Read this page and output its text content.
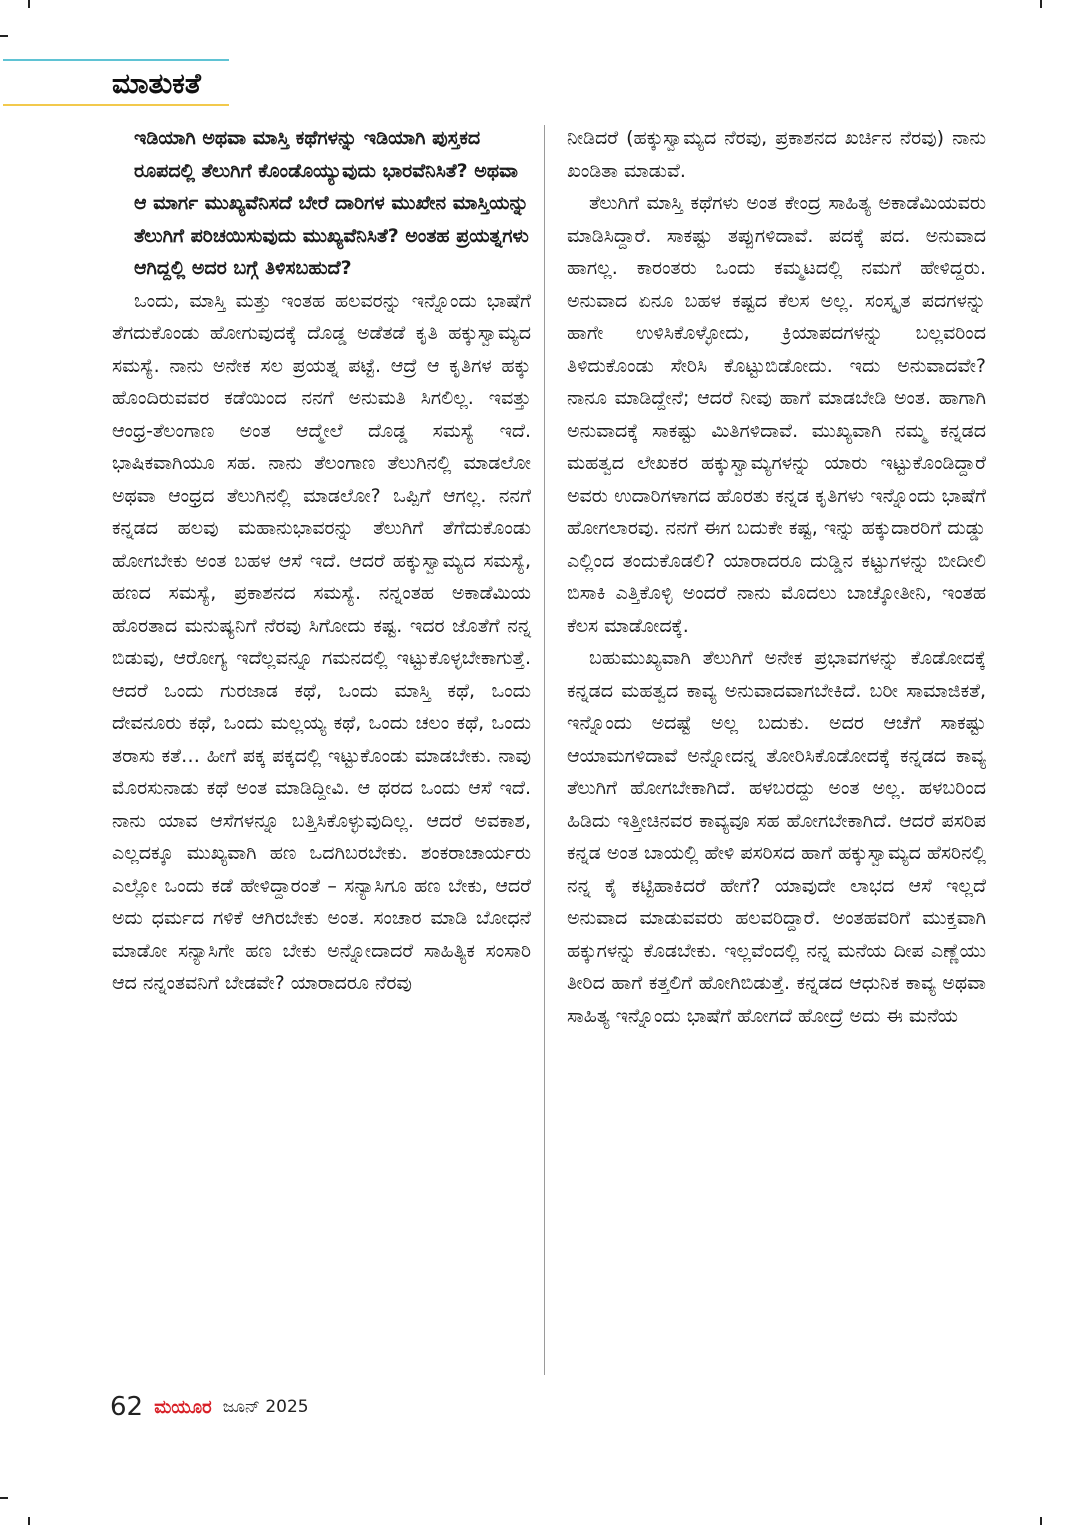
ಮಾತುಕತೆ

ಇಡಿಯಾಗಿ ಅಥವಾ ಮಾಸ್ತಿ ಕಥೆಗಳನ್ನು ಇಡಿಯಾಗಿ ಪುಸ್ತಕದ ರೂಪದಲ್ಲಿ ತೆಲುಗಿಗೆ ಕೊಂಡೊಯ್ಯುವುದು ಭಾರವೆನಿಸಿತೆ? ಅಥವಾ ಆ ಮಾರ್ಗ ಮುಖ್ಯವೆನಿಸದೆ ಬೇರೆ ದಾರಿಗಳ ಮುಖೇನ ಮಾಸ್ತಿಯನ್ನು ತೆಲುಗಿಗೆ ಪರಿಚಯಿಸುವುದು ಮುಖ್ಯವೆನಿಸಿತೆ? ಅಂತಹ ಪ್ರಯತ್ನಗಳು ಆಗಿದ್ದಲ್ಲಿ ಅದರ ಬಗ್ಗೆ ತಿಳಿಸಬಹುದೆ?

ಒಂದು, ಮಾಸ್ತಿ ಮತ್ತು ಇಂತಹ ಹಲವರನ್ನು ಇನ್ನೊಂದು ಭಾಷೆಗೆ ತೆಗದುಕೊಂಡು ಹೋಗುವುದಕ್ಕೆ ದೊಡ್ಡ ಅಡೆತಡೆ ಕೃತಿ ಹಕ್ಕುಸ್ವಾಮ್ಯದ ಸಮಸ್ಯೆ. ನಾನು ಅನೇಕ ಸಲ ಪ್ರಯತ್ನ ಪಟ್ಟೆ. ಆದ್ರೆ ಆ ಕೃತಿಗಳ ಹಕ್ಕು ಹೊಂದಿರುವವರ ಕಡೆಯಿಂದ ನನಗೆ ಅನುಮತಿ ಸಿಗಲಿಲ್ಲ. ಇವತ್ತು ಆಂಧ್ರ-ತೆಲಂಗಾಣ ಅಂತ ಆದ್ಮೇಲೆ ದೊಡ್ಡ ಸಮಸ್ಯೆ ಇದೆ. ಭಾಷಿಕವಾಗಿಯೂ ಸಹ. ನಾನು ತೆಲಂಗಾಣ ತೆಲುಗಿನಲ್ಲಿ ಮಾಡಲೋ ಅಥವಾ ಆಂಧ್ರದ ತೆಲುಗಿನಲ್ಲಿ ಮಾಡಲೋ? ಒಪ್ಪಿಗೆ ಆಗಲ್ಲ. ನನಗೆ ಕನ್ನಡದ ಹಲವು ಮಹಾನುಭಾವರನ್ನು ತೆಲುಗಿಗೆ ತೆಗೆದುಕೊಂಡು ಹೋಗಬೇಕು ಅಂತ ಬಹಳ ಆಸೆ ಇದೆ. ಆದರೆ ಹಕ್ಕುಸ್ವಾಮ್ಯದ ಸಮಸ್ಯೆ, ಹಣದ ಸಮಸ್ಯೆ, ಪ್ರಕಾಶನದ ಸಮಸ್ಯೆ. ನನ್ನಂತಹ ಅಕಾಡೆಮಿಯ ಹೊರತಾದ ಮನುಷ್ಯನಿಗೆ ನೆರವು ಸಿಗೋದು ಕಷ್ಟ. ಇದರ ಜೊತೆಗೆ ನನ್ನ ಬಿಡುವು, ಆರೋಗ್ಯ ಇದೆಲ್ಲವನ್ನೂ ಗಮನದಲ್ಲಿ ಇಟ್ಟುಕೊಳ್ಳಬೇಕಾಗುತ್ತೆ. ಆದರೆ ಒಂದು ಗುರಜಾಡ ಕಥೆ, ಒಂದು ಮಾಸ್ತಿ ಕಥೆ, ಒಂದು ದೇವನೂರು ಕಥೆ, ಒಂದು ಮಲ್ಲಯ್ಯ ಕಥೆ, ಒಂದು ಚಲಂ ಕಥೆ, ಒಂದು ತರಾಸು ಕತೆ… ಹೀಗೆ ಪಕ್ಕ ಪಕ್ಕದಲ್ಲಿ ಇಟ್ಟುಕೊಂಡು ಮಾಡಬೇಕು. ನಾವು ಮೊರಸುನಾಡು ಕಥೆ ಅಂತ ಮಾಡಿದ್ದೀವಿ. ಆ ಥರದ ಒಂದು ಆಸೆ ಇದೆ. ನಾನು ಯಾವ ಆಸೆಗಳನ್ನೂ ಬತ್ತಿಸಿಕೊಳ್ಳುವುದಿಲ್ಲ. ಆದರೆ ಅವಕಾಶ, ಎಲ್ಲದಕ್ಕೂ ಮುಖ್ಯವಾಗಿ ಹಣ ಒದಗಿಬರಬೇಕು. ಶಂಕರಾಚಾರ್ಯರು ಎಲ್ಲೋ ಒಂದು ಕಡೆ ಹೇಳಿದ್ದಾರಂತೆ – ಸನ್ಯಾಸಿಗೂ ಹಣ ಬೇಕು, ಆದರೆ ಅದು ಧರ್ಮದ ಗಳಿಕೆ ಆಗಿರಬೇಕು ಅಂತ. ಸಂಚಾರ ಮಾಡಿ ಬೋಧನೆ ಮಾಡೋ ಸನ್ಯಾಸಿಗೇ ಹಣ ಬೇಕು ಅನ್ನೋದಾದರೆ ಸಾಹಿತ್ಯಿಕ ಸಂಸಾರಿ ಆದ ನನ್ನಂತವನಿಗೆ ಬೇಡವೇ? ಯಾರಾದರೂ ನೆರವು

ನೀಡಿದರೆ (ಹಕ್ಕುಸ್ವಾಮ್ಯದ ನೆರವು, ಪ್ರಕಾಶನದ ಖರ್ಚಿನ ನೆರವು) ನಾನು ಖಂಡಿತಾ ಮಾಡುವೆ.

ತೆಲುಗಿಗೆ ಮಾಸ್ತಿ ಕಥೆಗಳು ಅಂತ ಕೇಂದ್ರ ಸಾಹಿತ್ಯ ಅಕಾಡೆಮಿಯವರು ಮಾಡಿಸಿದ್ದಾರೆ. ಸಾಕಷ್ಟು ತಪ್ಪುಗಳಿದಾವೆ. ಪದಕ್ಕೆ ಪದ. ಅನುವಾದ ಹಾಗಲ್ಲ. ಕಾರಂತರು ಒಂದು ಕಮ್ಮಟದಲ್ಲಿ ನಮಗೆ ಹೇಳಿದ್ದರು. ಅನುವಾದ ಏನೂ ಬಹಳ ಕಷ್ಟದ ಕೆಲಸ ಅಲ್ಲ. ಸಂಸ್ಕೃತ ಪದಗಳನ್ನು ಹಾಗೇ ಉಳಿಸಿಕೊಳ್ಳೋದು, ಕ್ರಿಯಾಪದಗಳನ್ನು ಬಲ್ಲವರಿಂದ ತಿಳಿದುಕೊಂಡು ಸೇರಿಸಿ ಕೊಟ್ಟುಬಿಡೋದು. ಇದು ಅನುವಾದವೇ? ನಾನೂ ಮಾಡಿದ್ದೇನೆ; ಆದರೆ ನೀವು ಹಾಗೆ ಮಾಡಬೇಡಿ ಅಂತ. ಹಾಗಾಗಿ ಅನುವಾದಕ್ಕೆ ಸಾಕಷ್ಟು ಮಿತಿಗಳಿದಾವೆ. ಮುಖ್ಯವಾಗಿ ನಮ್ಮ ಕನ್ನಡದ ಮಹತ್ವದ ಲೇಖಕರ ಹಕ್ಕುಸ್ವಾಮ್ಯಗಳನ್ನು ಯಾರು ಇಟ್ಟುಕೊಂಡಿದ್ದಾರೆ ಅವರು ಉದಾರಿಗಳಾಗದ ಹೊರತು ಕನ್ನಡ ಕೃತಿಗಳು ಇನ್ನೊಂದು ಭಾಷೆಗೆ ಹೋಗಲಾರವು. ನನಗೆ ಈಗ ಬದುಕೇ ಕಷ್ಟ, ಇನ್ನು ಹಕ್ಕುದಾರರಿಗೆ ದುಡ್ಡು ಎಲ್ಲಿಂದ ತಂದುಕೊಡಲಿ? ಯಾರಾದರೂ ದುಡ್ಡಿನ ಕಟ್ಟುಗಳನ್ನು ಬೀದೀಲಿ ಬಿಸಾಕಿ ಎತ್ತಿಕೊಳ್ಳಿ ಅಂದರೆ ನಾನು ಮೊದಲು ಬಾಚ್ಕೋತೀನಿ, ಇಂತಹ ಕೆಲಸ ಮಾಡೋದಕ್ಕೆ.

ಬಹುಮುಖ್ಯವಾಗಿ ತೆಲುಗಿಗೆ ಅನೇಕ ಪ್ರಭಾವಗಳನ್ನು ಕೊಡೋದಕ್ಕೆ ಕನ್ನಡದ ಮಹತ್ವದ ಕಾವ್ಯ ಅನುವಾದವಾಗಬೇಕಿದೆ. ಬರೀ ಸಾಮಾಜಿಕತೆ, ಇನ್ನೊಂದು ಅದಷ್ಟೆ ಅಲ್ಲ ಬದುಕು. ಅದರ ಆಚೆಗೆ ಸಾಕಷ್ಟು ಆಯಾಮಗಳಿದಾವೆ ಅನ್ನೋದನ್ನ ತೋರಿಸಿಕೊಡೋದಕ್ಕೆ ಕನ್ನಡದ ಕಾವ್ಯ ತೆಲುಗಿಗೆ ಹೋಗಬೇಕಾಗಿದೆ. ಹಳಬರದ್ದು ಅಂತ ಅಲ್ಲ. ಹಳಬರಿಂದ ಹಿಡಿದು ಇತ್ತೀಚಿನವರ ಕಾವ್ಯವೂ ಸಹ ಹೋಗಬೇಕಾಗಿದೆ. ಆದರೆ ಪಸರಿಪ ಕನ್ನಡ ಅಂತ ಬಾಯಲ್ಲಿ ಹೇಳಿ ಪಸರಿಸದ ಹಾಗೆ ಹಕ್ಕುಸ್ವಾಮ್ಯದ ಹೆಸರಿನಲ್ಲಿ ನನ್ನ ಕೈ ಕಟ್ಟಿಹಾಕಿದರೆ ಹೇಗೆ? ಯಾವುದೇ ಲಾಭದ ಆಸೆ ಇಲ್ಲದೆ ಅನುವಾದ ಮಾಡುವವರು ಹಲವರಿದ್ದಾರೆ. ಅಂತಹವರಿಗೆ ಮುಕ್ತವಾಗಿ ಹಕ್ಕುಗಳನ್ನು ಕೊಡಬೇಕು. ಇಲ್ಲವೆಂದಲ್ಲಿ ನನ್ನ ಮನೆಯ ದೀಪ ಎಣ್ಣೆಯು ತೀರಿದ ಹಾಗೆ ಕತ್ತಲಿಗೆ ಹೋಗಿಬಿಡುತ್ತೆ. ಕನ್ನಡದ ಆಧುನಿಕ ಕಾವ್ಯ ಅಥವಾ ಸಾಹಿತ್ಯ ಇನ್ನೊಂದು ಭಾಷೆಗೆ ಹೋಗದೆ ಹೋದ್ರೆ ಅದು ಈ ಮನೆಯ

62 ಮಯೂರ ಜೂನ್ 2025
